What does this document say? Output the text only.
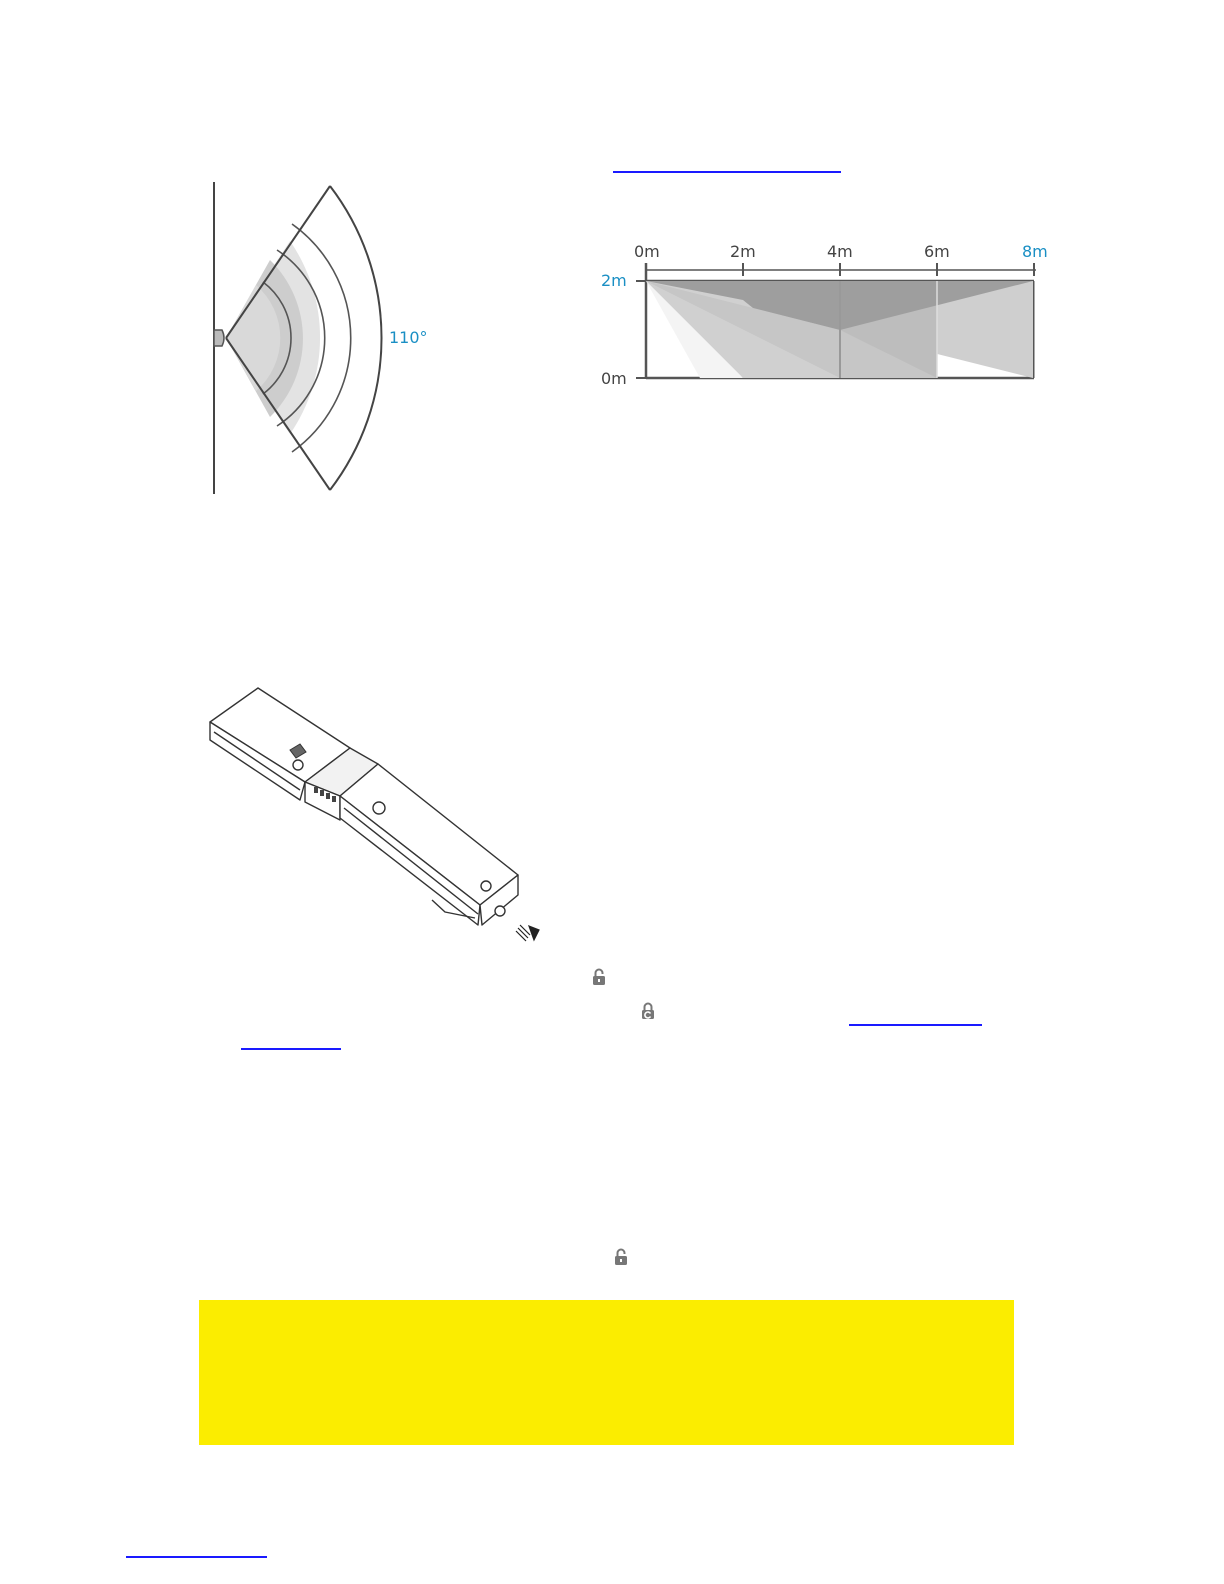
110°
0m	2m	4m	6m	8m
2m
0m
